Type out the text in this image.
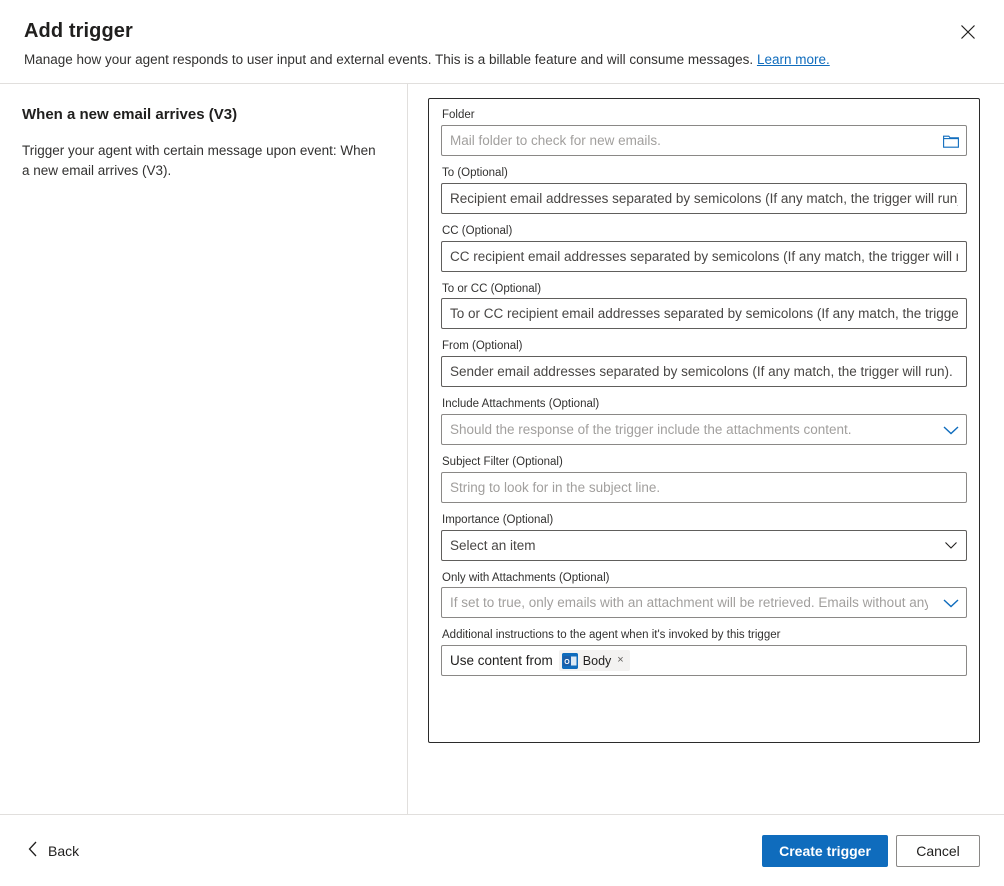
Add trigger

Manage how your agent responds to user input and external events. This is a billable feature and will consume messages. Learn more.

When a new email arrives (V3)

Trigger your agent with certain message upon event: When a new email arrives (V3).

Folder
Mail folder to check for new emails.
To (Optional)
Recipient email addresses separated by semicolons (If any match, the trigger will run).
CC (Optional)
CC recipient email addresses separated by semicolons (If any match, the trigger will run).
To or CC (Optional)
To or CC recipient email addresses separated by semicolons (If any match, the trigger w...
From (Optional)
Sender email addresses separated by semicolons (If any match, the trigger will run).
Include Attachments (Optional)
Should the response of the trigger include the attachments content.
Subject Filter (Optional)
String to look for in the subject line.
Importance (Optional)
Select an item
Only with Attachments (Optional)
If set to true, only emails with an attachment will be retrieved. Emails without any attachments wi
Additional instructions to the agent when it's invoked by this trigger
Use content from O Body ×
Back	Create trigger	Cancel
